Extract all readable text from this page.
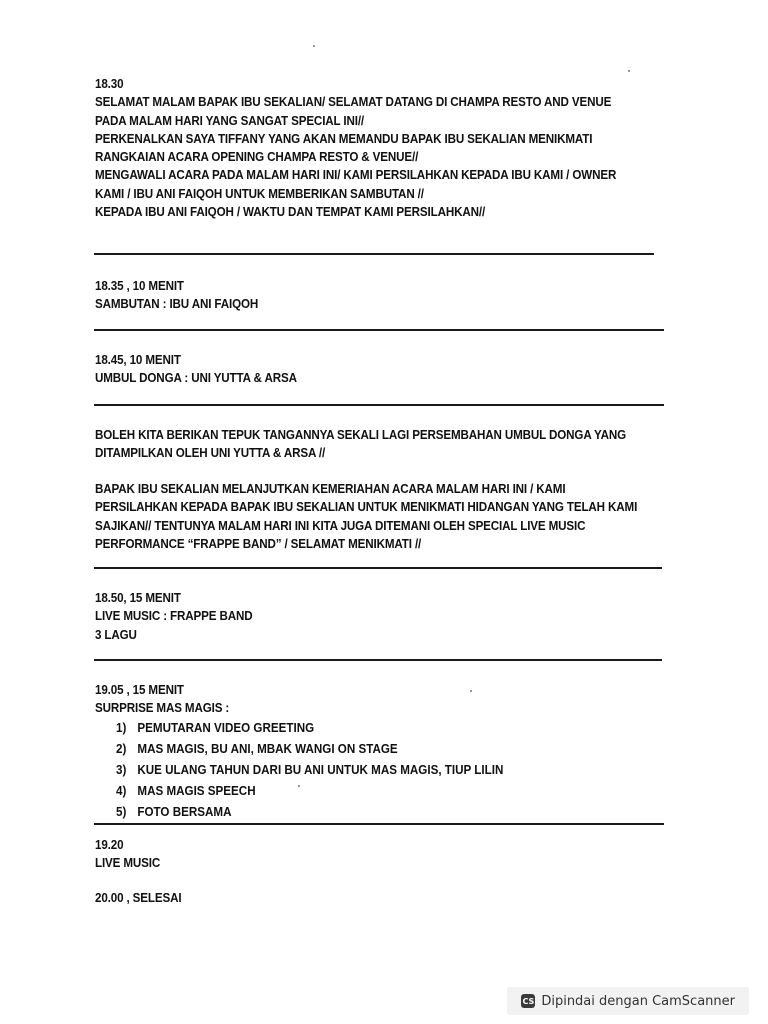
18.30
SELAMAT MALAM BAPAK IBU SEKALIAN/ SELAMAT DATANG DI CHAMPA RESTO AND VENUE
PADA MALAM HARI YANG SANGAT SPECIAL INI//
PERKENALKAN SAYA TIFFANY YANG AKAN MEMANDU BAPAK IBU SEKALIAN MENIKMATI
RANGKAIAN ACARA OPENING CHAMPA RESTO & VENUE//
MENGAWALI ACARA PADA MALAM HARI INI/ KAMI PERSILAHKAN KEPADA IBU KAMI / OWNER
KAMI / IBU ANI FAIQOH UNTUK MEMBERIKAN SAMBUTAN //
KEPADA IBU ANI FAIQOH / WAKTU DAN TEMPAT KAMI PERSILAHKAN//
18.35 , 10 MENIT
SAMBUTAN : IBU ANI FAIQOH
18.45, 10 MENIT
UMBUL DONGA : UNI YUTTA & ARSA
BOLEH KITA BERIKAN TEPUK TANGANNYA SEKALI LAGI PERSEMBAHAN UMBUL DONGA YANG
DITAMPILKAN OLEH UNI YUTTA & ARSA //
BAPAK IBU SEKALIAN MELANJUTKAN KEMERIAHAN ACARA MALAM HARI INI / KAMI
PERSILAHKAN KEPADA BAPAK IBU SEKALIAN UNTUK MENIKMATI HIDANGAN YANG TELAH KAMI
SAJIKAN// TENTUNYA MALAM HARI INI KITA JUGA DITEMANI OLEH SPECIAL LIVE MUSIC
PERFORMANCE “FRAPPE BAND” / SELAMAT MENIKMATI //
18.50, 15 MENIT
LIVE MUSIC : FRAPPE BAND
3 LAGU
19.05 , 15 MENIT
SURPRISE MAS MAGIS :
1) PEMUTARAN VIDEO GREETING
2) MAS MAGIS, BU ANI, MBAK WANGI ON STAGE
3) KUE ULANG TAHUN DARI BU ANI UNTUK MAS MAGIS, TIUP LILIN
4) MAS MAGIS SPEECH
5) FOTO BERSAMA
19.20
LIVE MUSIC
20.00 , SELESAI
CS Dipindai dengan CamScanner
